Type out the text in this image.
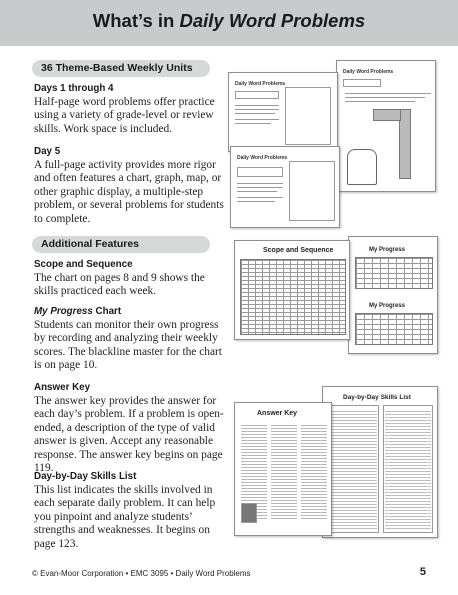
What’s in Daily Word Problems
36 Theme-Based Weekly Units
Days 1 through 4
Half-page word problems offer practice using a variety of grade-level or review skills. Work space is included.
Day 5
A full-page activity provides more rigor and often features a chart, graph, map, or other graphic display, a multiple-step problem, or several problems for students to complete.
Additional Features
Scope and Sequence
The chart on pages 8 and 9 shows the skills practiced each week.
My Progress Chart
Students can monitor their own progress by recording and analyzing their weekly scores. The blackline master for the chart is on page 10.
Answer Key
The answer key provides the answer for each day’s problem. If a problem is open-ended, a description of the type of valid answer is given. Accept any reasonable response. The answer key begins on page 119.
Day-by-Day Skills List
This list indicates the skills involved in each separate daily problem. It can help you pinpoint and analyze students’ strengths and weaknesses. It begins on page 123.
Daily Word Problems
Daily Word Problems
Daily Word Problems
My Progress
My Progress
Scope and Sequence
Day-by-Day Skills List
Answer Key
© Evan-Moor Corporation • EMC 3095 • Daily Word Problems	5
